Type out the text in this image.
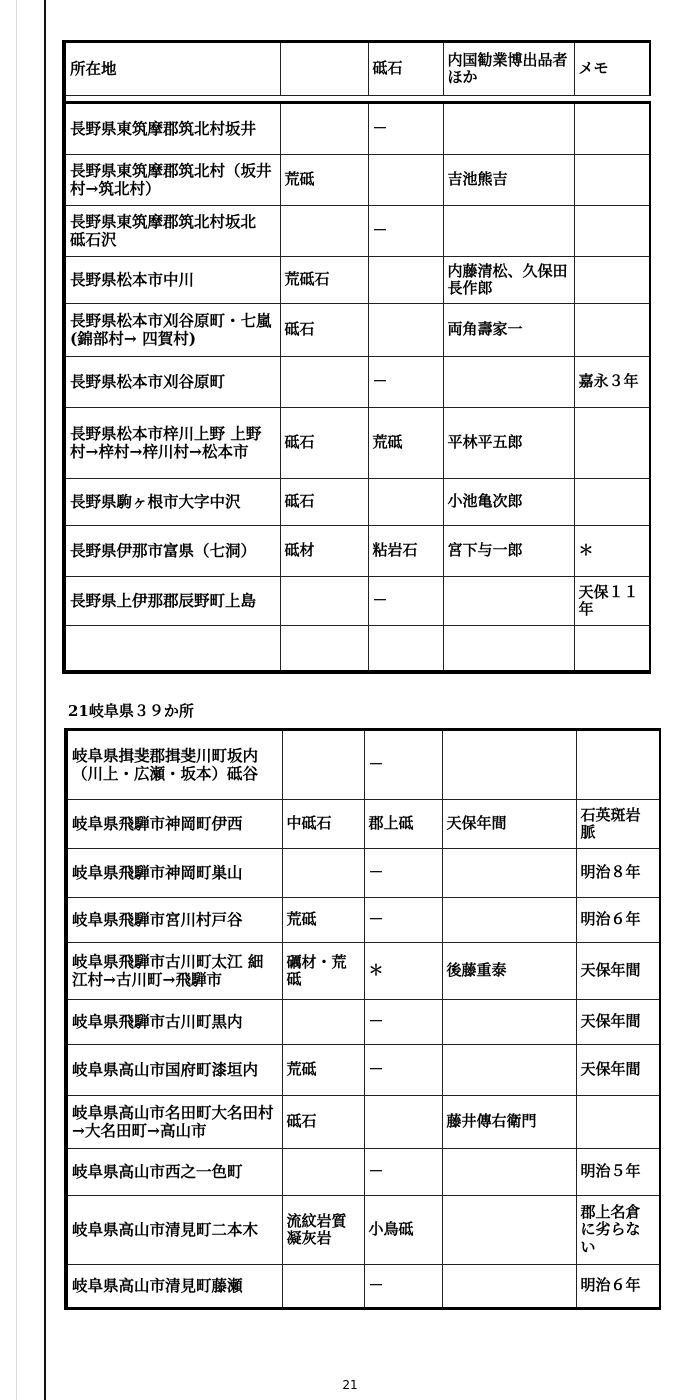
所在地		砥石	内国勧業博出品者ほか	メモ

長野県東筑摩郡筑北村坂井		－		
長野県東筑摩郡筑北村（坂井村→筑北村）	荒砥		吉池熊吉	
長野県東筑摩郡筑北村坂北　砥石沢		－		
長野県松本市中川	荒砥石		内藤清松、久保田長作郎	
長野県松本市刈谷原町・七嵐(錦部村→ 四賀村)	砥石		両角壽家一	
長野県松本市刈谷原町		－		嘉永３年
長野県松本市梓川上野 上野村→梓村→梓川村→松本市	砥石	荒砥	平林平五郎	
長野県駒ヶ根市大字中沢	砥石		小池亀次郎	
長野県伊那市富県（七洞）	砥材	粘岩石	宮下与一郎	＊
長野県上伊那郡辰野町上島		－		天保１１年

21岐阜県３９か所
岐阜県揖斐郡揖斐川町坂内（川上・広瀬・坂本）砥谷		－		
岐阜県飛騨市神岡町伊西	中砥石	郡上砥	天保年間	石英斑岩脈
岐阜県飛騨市神岡町巣山		－		明治８年
岐阜県飛騨市宮川村戸谷	荒砥	－		明治６年
岐阜県飛騨市古川町太江 細江村→古川町→飛騨市	礪材・荒砥	＊	後藤重泰	天保年間
岐阜県飛騨市古川町黒内		－		天保年間
岐阜県高山市国府町漆垣内	荒砥	－		天保年間
岐阜県高山市名田町大名田村→大名田町→高山市	砥石		藤井傳右衛門	
岐阜県高山市西之一色町		－		明治５年
岐阜県高山市清見町二本木	流紋岩質凝灰岩	小鳥砥		郡上名倉に劣らない
岐阜県高山市清見町藤瀬		－		明治６年
21
